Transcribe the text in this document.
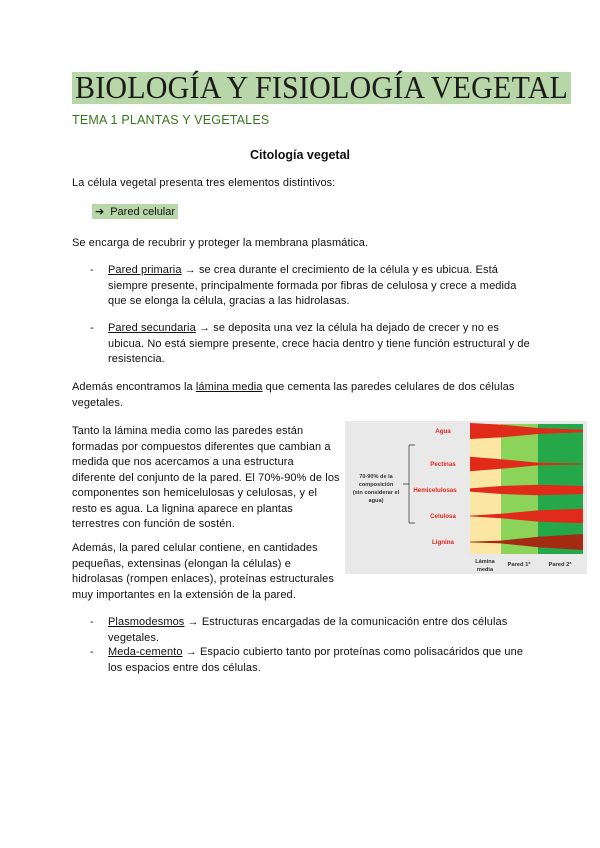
BIOLOGÍA Y FISIOLOGÍA VEGETAL
TEMA 1 PLANTAS Y VEGETALES
Citología vegetal
La célula vegetal presenta tres elementos distintivos:
➔ Pared celular
Se encarga de recubrir y proteger la membrana plasmática.
- Pared primaria → se crea durante el crecimiento de la célula y es ubicua. Está
siempre presente, principalmente formada por fibras de celulosa y crece a medida
que se elonga la célula, gracias a las hidrolasas.
- Pared secundaria → se deposita una vez la célula ha dejado de crecer y no es
ubicua. No está siempre presente, crece hacia dentro y tiene función estructural y de
resistencia.
Además encontramos la lámina media que cementa las paredes celulares de dos células
vegetales.
Tanto la lámina media como las paredes están
formadas por compuestos diferentes que cambian a
medida que nos acercamos a una estructura
diferente del conjunto de la pared. El 70%-90% de los
componentes son hemicelulosas y celulosas, y el
resto es agua. La lignina aparece en plantas
terrestres con función de sostén.
Además, la pared celular contiene, en cantidades
pequeñas, extensinas (elongan la células) e
hidrolasas (rompen enlaces), proteínas estructurales
muy importantes en la extensión de la pared.
70-90% de la
composición
(sin considerar el
agua)
Agua
Pectinas
Hemicelulosas
Celulosa
Lignina
Lámina
media
Pared 1ª	Pared 2ª
- Plasmodesmos → Estructuras encargadas de la comunicación entre dos células
vegetales.
- Meda-cemento → Espacio cubierto tanto por proteínas como polisacáridos que une
los espacios entre dos células.
